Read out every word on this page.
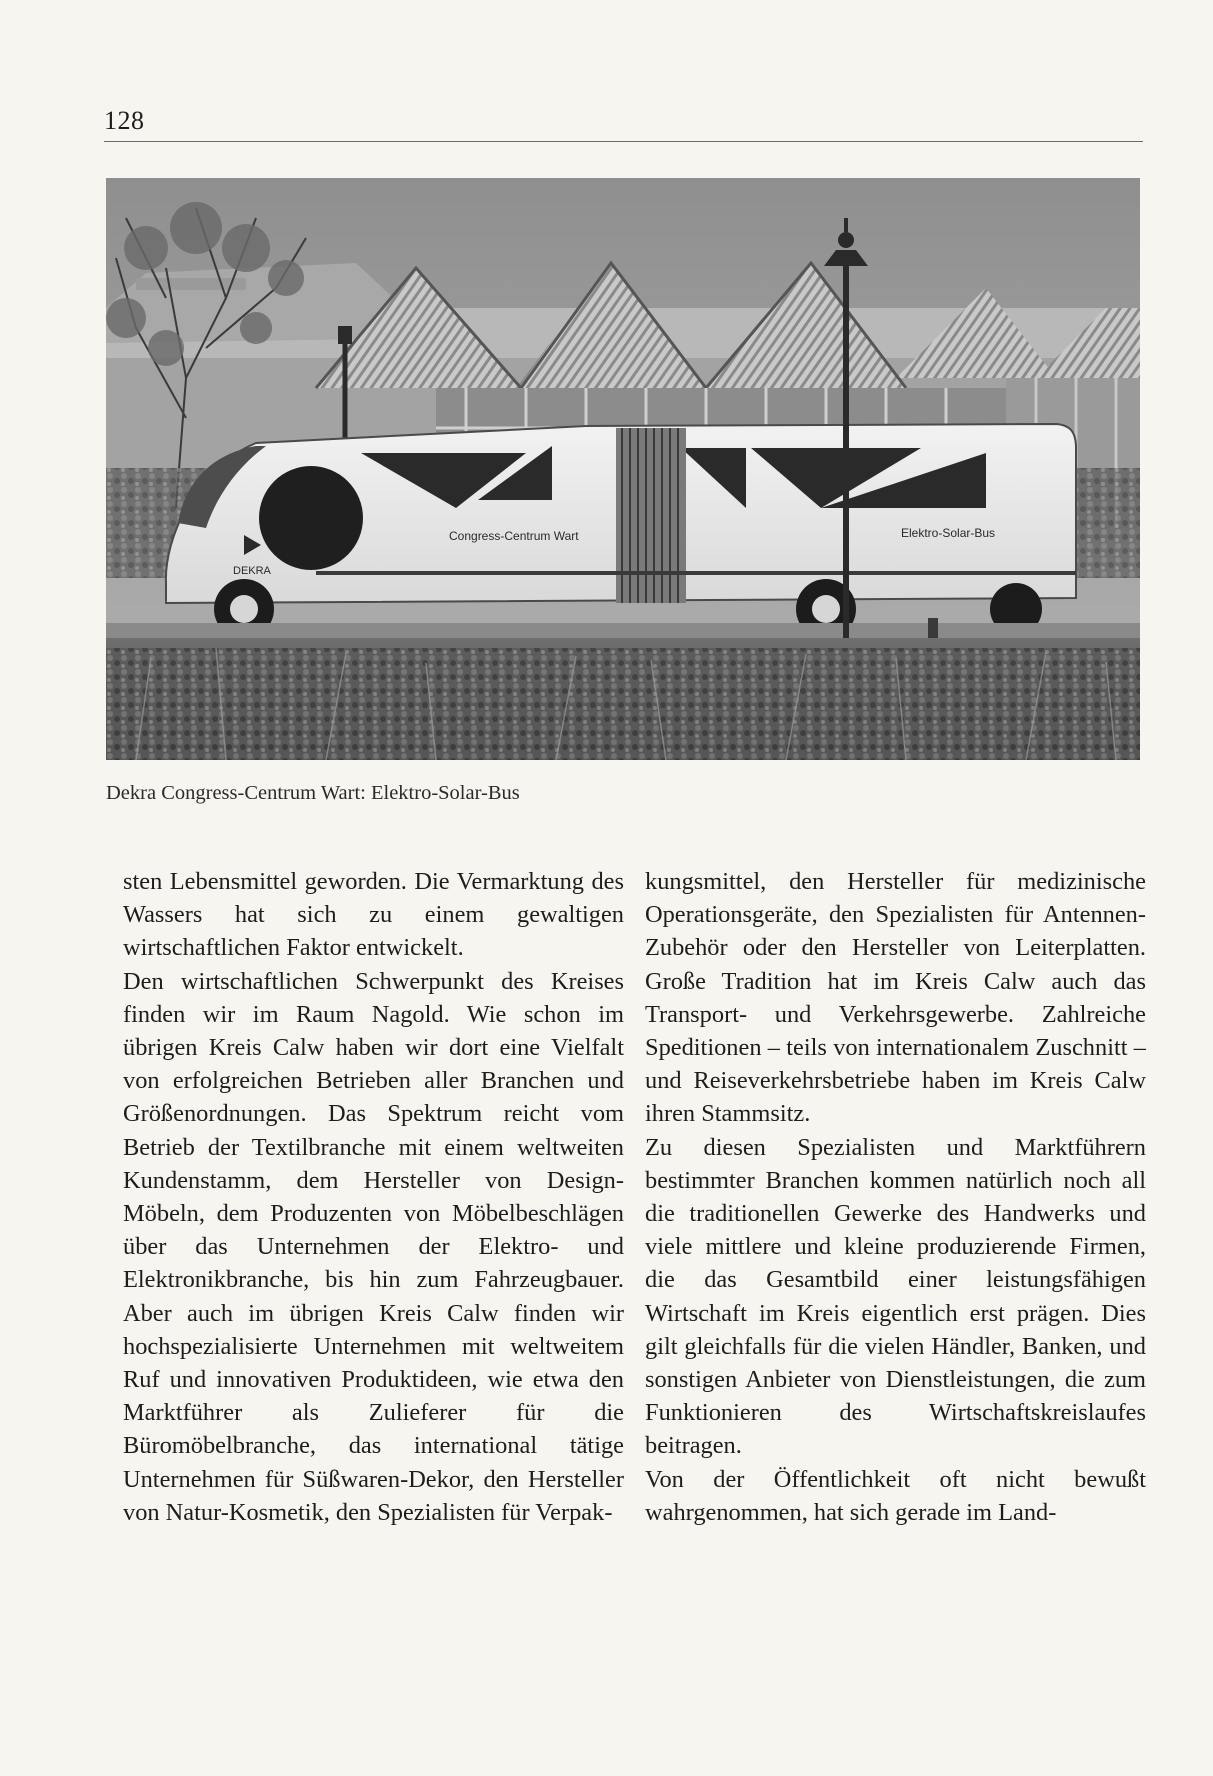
128
DEKRA
Congress-Centrum Wart	Elektro-Solar-Bus
Dekra Congress-Centrum Wart: Elektro-Solar-Bus

sten Lebensmittel geworden. Die Vermarktung des Wassers hat sich zu einem gewaltigen wirtschaftlichen Faktor entwickelt.

Den wirtschaftlichen Schwerpunkt des Kreises finden wir im Raum Nagold. Wie schon im übrigen Kreis Calw haben wir dort eine Vielfalt von erfolgreichen Betrieben aller Branchen und Größenordnungen. Das Spektrum reicht vom Betrieb der Textilbranche mit einem weltweiten Kundenstamm, dem Hersteller von Design-Möbeln, dem Produzenten von Möbelbeschlägen über das Unternehmen der Elektro- und Elektronikbranche, bis hin zum Fahrzeugbauer. Aber auch im übrigen Kreis Calw finden wir hochspezialisierte Unternehmen mit weltweitem Ruf und innovativen Produktideen, wie etwa den Marktführer als Zulieferer für die Büromöbelbranche, das international tätige Unternehmen für Süßwaren-Dekor, den Hersteller von Natur-Kosmetik, den Spezialisten für Verpak-

kungsmittel, den Hersteller für medizinische Operationsgeräte, den Spezialisten für Antennen-Zubehör oder den Hersteller von Leiterplatten. Große Tradition hat im Kreis Calw auch das Transport- und Verkehrsgewerbe. Zahlreiche Speditionen – teils von internationalem Zuschnitt – und Reiseverkehrsbetriebe haben im Kreis Calw ihren Stammsitz.

Zu diesen Spezialisten und Marktführern bestimmter Branchen kommen natürlich noch all die traditionellen Gewerke des Handwerks und viele mittlere und kleine produzierende Firmen, die das Gesamtbild einer leistungsfähigen Wirtschaft im Kreis eigentlich erst prägen. Dies gilt gleichfalls für die vielen Händler, Banken, und sonstigen Anbieter von Dienstleistungen, die zum Funktionieren des Wirtschaftskreislaufes beitragen.

Von der Öffentlichkeit oft nicht bewußt wahrgenommen, hat sich gerade im Land-
